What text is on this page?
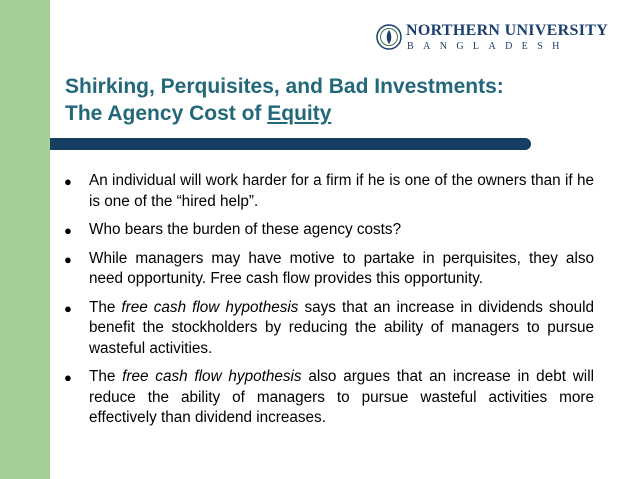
NORTHERN UNIVERSITY
BANGLADESH
Shirking, Perquisites, and Bad Investments:
The Agency Cost of Equity
● An individual will work harder for a firm if he is one of the owners than if he is one of the “hired help”.
● Who bears the burden of these agency costs?
● While managers may have motive to partake in perquisites, they also need opportunity. Free cash flow provides this opportunity.
● The free cash flow hypothesis says that an increase in dividends should benefit the stockholders by reducing the ability of managers to pursue wasteful activities.
● The free cash flow hypothesis also argues that an increase in debt will reduce the ability of managers to pursue wasteful activities more effectively than dividend increases.
